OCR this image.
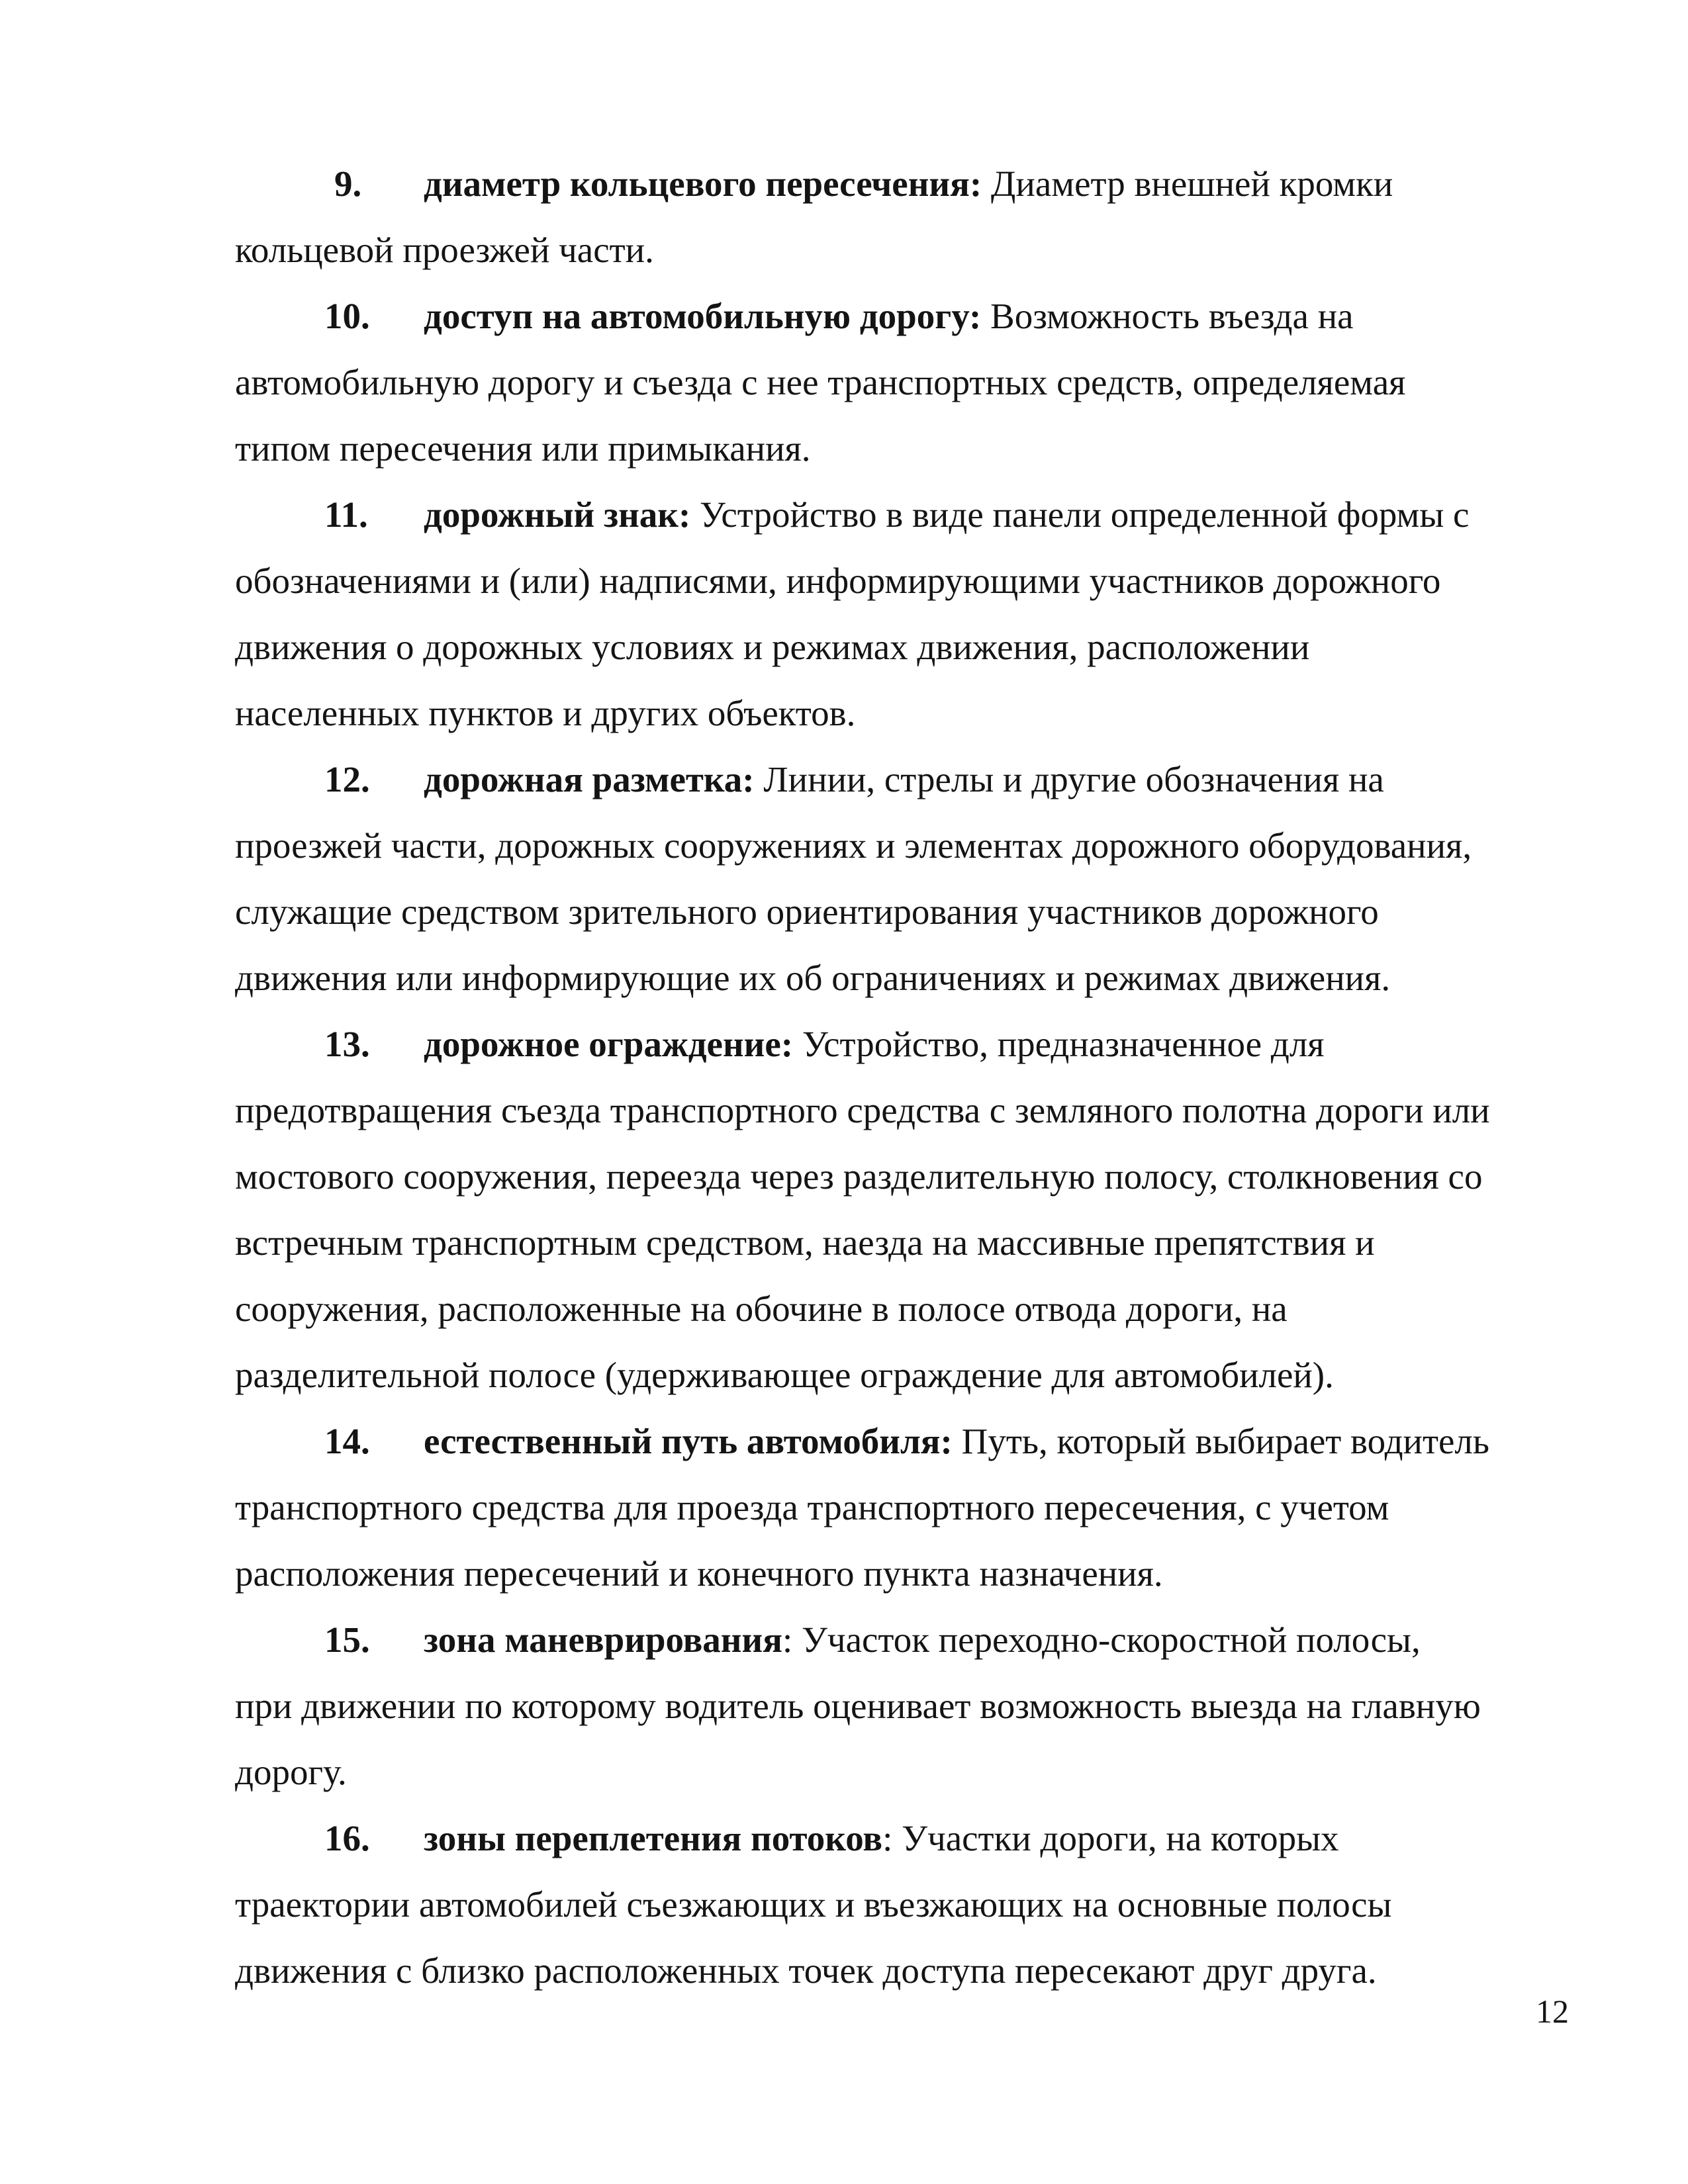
9. диаметр кольцевого пересечения: Диаметр внешней кромки
кольцевой проезжей части.
10. доступ на автомобильную дорогу: Возможность въезда на
автомобильную дорогу и съезда с нее транспортных средств, определяемая
типом пересечения или примыкания.
11. дорожный знак: Устройство в виде панели определенной формы с
обозначениями и (или) надписями, информирующими участников дорожного
движения о дорожных условиях и режимах движения, расположении
населенных пунктов и других объектов.
12. дорожная разметка: Линии, стрелы и другие обозначения на
проезжей части, дорожных сооружениях и элементах дорожного оборудования,
служащие средством зрительного ориентирования участников дорожного
движения или информирующие их об ограничениях и режимах движения.
13. дорожное ограждение: Устройство, предназначенное для
предотвращения съезда транспортного средства с земляного полотна дороги или
мостового сооружения, переезда через разделительную полосу, столкновения со
встречным транспортным средством, наезда на массивные препятствия и
сооружения, расположенные на обочине в полосе отвода дороги, на
разделительной полосе (удерживающее ограждение для автомобилей).
14. естественный путь автомобиля: Путь, который выбирает водитель
транспортного средства для проезда транспортного пересечения, с учетом
расположения пересечений и конечного пункта назначения.
15. зона маневрирования: Участок переходно-скоростной полосы,
при движении по которому водитель оценивает возможность выезда на главную
дорогу.
16. зоны переплетения потоков: Участки дороги, на которых
траектории автомобилей съезжающих и въезжающих на основные полосы
движения с близко расположенных точек доступа пересекают друг друга.
12
